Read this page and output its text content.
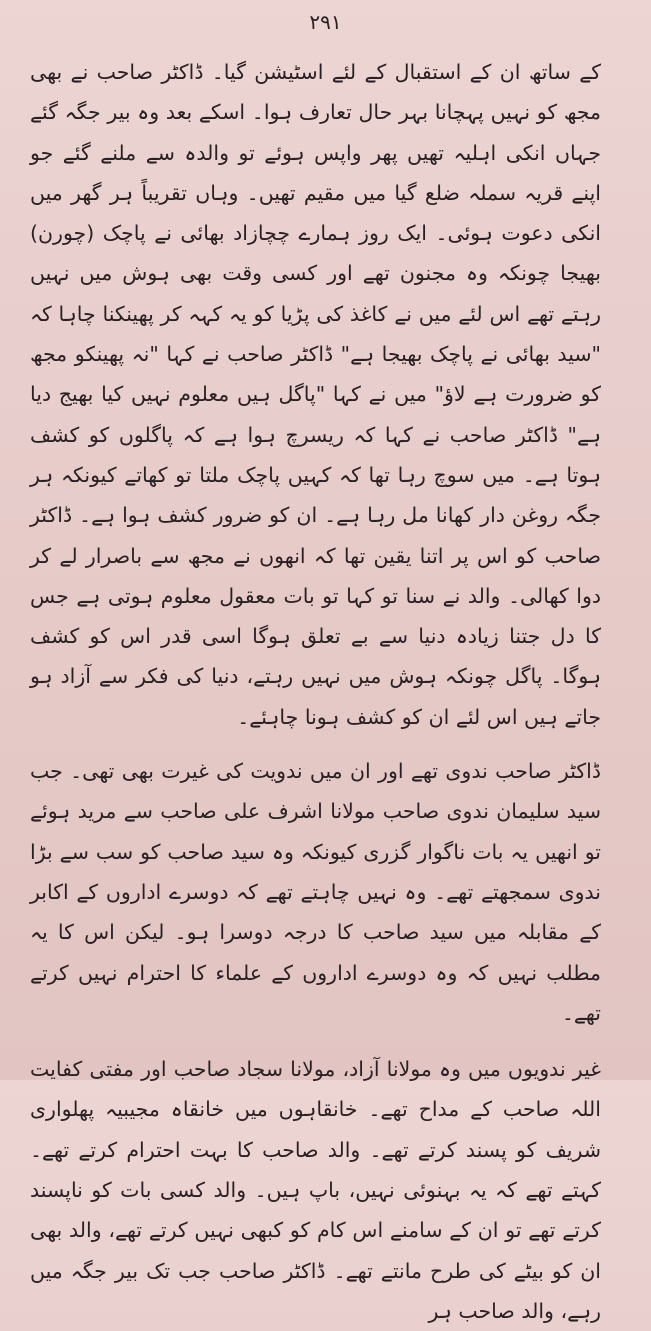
۲۹۱

کے ساتھ ان کے استقبال کے لئے اسٹیشن گیا۔ ڈاکٹر صاحب نے بھی مجھ کو نہیں پہچانا بہر حال تعارف ہوا۔ اسکے بعد وہ بیر جگہ گئے جہاں انکی اہلیہ تھیں پھر واپس ہوئے تو والدہ سے ملنے گئے جو اپنے قریہ سملہ ضلع گیا میں مقیم تھیں۔ وہاں تقریباً ہر گھر میں انکی دعوت ہوئی۔ ایک روز ہمارے چچازاد بھائی نے پاچک (چورن) بھیجا چونکہ وہ مجنون تھے اور کسی وقت بھی ہوش میں نہیں رہتے تھے اس لئے میں نے کاغذ کی پڑیا کو یہ کہہ کر پھینکنا چاہا کہ "سید بھائی نے پاچک بھیجا ہے" ڈاکٹر صاحب نے کہا "نہ پھینکو مجھ کو ضرورت ہے لاؤ" میں نے کہا "پاگل ہیں معلوم نہیں کیا بھیج دیا ہے" ڈاکٹر صاحب نے کہا کہ ریسرچ ہوا ہے کہ پاگلوں کو کشف ہوتا ہے۔ میں سوچ رہا تھا کہ کہیں پاچک ملتا تو کھاتے کیونکہ ہر جگہ روغن دار کھانا مل رہا ہے۔ ان کو ضرور کشف ہوا ہے۔ ڈاکٹر صاحب کو اس پر اتنا یقین تھا کہ انھوں نے مجھ سے باصرار لے کر دوا کھالی۔ والد نے سنا تو کہا تو بات معقول معلوم ہوتی ہے جس کا دل جتنا زیادہ دنیا سے بے تعلق ہوگا اسی قدر اس کو کشف ہوگا۔ پاگل چونکہ ہوش میں نہیں رہتے، دنیا کی فکر سے آزاد ہو جاتے ہیں اس لئے ان کو کشف ہونا چاہئے۔

ڈاکٹر صاحب ندوی تھے اور ان میں ندویت کی غیرت بھی تھی۔ جب سید سلیمان ندوی صاحب مولانا اشرف علی صاحب سے مرید ہوئے تو انھیں یہ بات ناگوار گزری کیونکہ وہ سید صاحب کو سب سے بڑا ندوی سمجھتے تھے۔ وہ نہیں چاہتے تھے کہ دوسرے اداروں کے اکابر کے مقابلہ میں سید صاحب کا درجہ دوسرا ہو۔ لیکن اس کا یہ مطلب نہیں کہ وہ دوسرے اداروں کے علماء کا احترام نہیں کرتے تھے۔

غیر ندویوں میں وہ مولانا آزاد، مولانا سجاد صاحب اور مفتی کفایت اللہ صاحب کے مداح تھے۔ خانقاہوں میں خانقاہ مجیبیہ پھلواری شریف کو پسند کرتے تھے۔ والد صاحب کا بہت احترام کرتے تھے۔ کہتے تھے کہ یہ بہنوئی نہیں، باپ ہیں۔ والد کسی بات کو ناپسند کرتے تھے تو ان کے سامنے اس کام کو کبھی نہیں کرتے تھے، والد بھی ان کو بیٹے کی طرح مانتے تھے۔ ڈاکٹر صاحب جب تک بیر جگہ میں رہے، والد صاحب ہر
